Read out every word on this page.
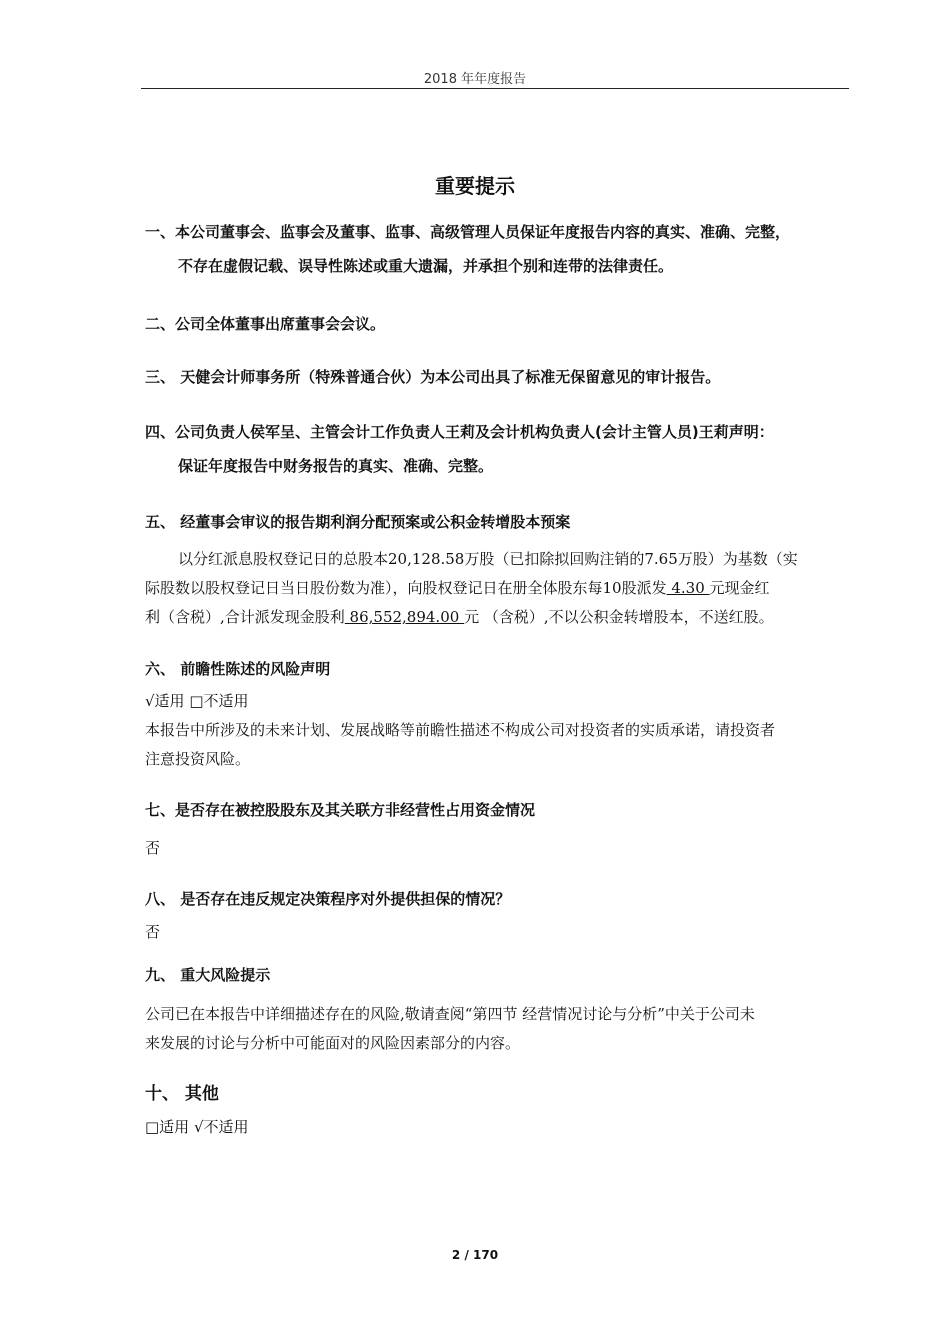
2018 年年度报告
重要提示
一、本公司董事会、监事会及董事、监事、高级管理人员保证年度报告内容的真实、准确、完整，
不存在虚假记载、误导性陈述或重大遗漏，并承担个别和连带的法律责任。
二、公司全体董事出席董事会会议。
三、 天健会计师事务所（特殊普通合伙）为本公司出具了标准无保留意见的审计报告。
四、公司负责人侯军呈、主管会计工作负责人王莉及会计机构负责人(会计主管人员)王莉声明：
保证年度报告中财务报告的真实、准确、完整。
五、 经董事会审议的报告期利润分配预案或公积金转增股本预案
以分红派息股权登记日的总股本20,128.58万股（已扣除拟回购注销的7.65万股）为基数（实
际股数以股权登记日当日股份数为准），向股权登记日在册全体股东每10股派发 4.30 元现金红
利（含税）,合计派发现金股利 86,552,894.00 元 （含税）,不以公积金转增股本，不送红股。
六、 前瞻性陈述的风险声明
√适用 □不适用
本报告中所涉及的未来计划、发展战略等前瞻性描述不构成公司对投资者的实质承诺，请投资者
注意投资风险。
七、是否存在被控股股东及其关联方非经营性占用资金情况
否
八、 是否存在违反规定决策程序对外提供担保的情况？
否
九、 重大风险提示
公司已在本报告中详细描述存在的风险,敬请查阅“第四节 经营情况讨论与分析”中关于公司未
来发展的讨论与分析中可能面对的风险因素部分的内容。
十、 其他
□适用 √不适用
2 / 170
